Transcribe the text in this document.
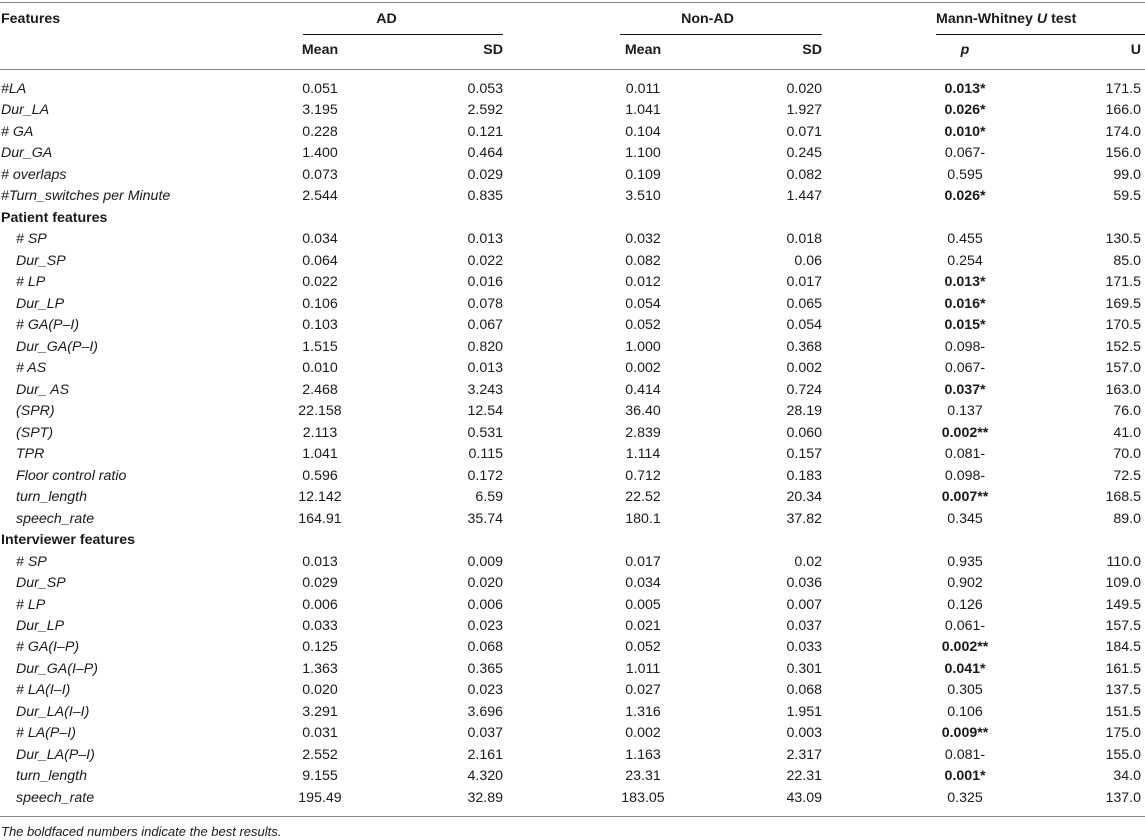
Features	AD	Non-AD	Mann-Whitney U test
Mean	SD	Mean	SD	p	U
#LA	0.051	0.053	0.011	0.020	0.013*	171.5
Dur_LA	3.195	2.592	1.041	1.927	0.026*	166.0
# GA	0.228	0.121	0.104	0.071	0.010*	174.0
Dur_GA	1.400	0.464	1.100	0.245	0.067-	156.0
# overlaps	0.073	0.029	0.109	0.082	0.595	99.0
#Turn_switches per Minute	2.544	0.835	3.510	1.447	0.026*	59.5
Patient features
# SP	0.034	0.013	0.032	0.018	0.455	130.5
Dur_SP	0.064	0.022	0.082	0.06	0.254	85.0
# LP	0.022	0.016	0.012	0.017	0.013*	171.5
Dur_LP	0.106	0.078	0.054	0.065	0.016*	169.5
# GA(P–I)	0.103	0.067	0.052	0.054	0.015*	170.5
Dur_GA(P–I)	1.515	0.820	1.000	0.368	0.098-	152.5
# AS	0.010	0.013	0.002	0.002	0.067-	157.0
Dur_ AS	2.468	3.243	0.414	0.724	0.037*	163.0
(SPR)	22.158	12.54	36.40	28.19	0.137	76.0
(SPT)	2.113	0.531	2.839	0.060	0.002**	41.0
TPR	1.041	0.115	1.114	0.157	0.081-	70.0
Floor control ratio	0.596	0.172	0.712	0.183	0.098-	72.5
turn_length	12.142	6.59	22.52	20.34	0.007**	168.5
speech_rate	164.91	35.74	180.1	37.82	0.345	89.0
Interviewer features
# SP	0.013	0.009	0.017	0.02	0.935	110.0
Dur_SP	0.029	0.020	0.034	0.036	0.902	109.0
# LP	0.006	0.006	0.005	0.007	0.126	149.5
Dur_LP	0.033	0.023	0.021	0.037	0.061-	157.5
# GA(I–P)	0.125	0.068	0.052	0.033	0.002**	184.5
Dur_GA(I–P)	1.363	0.365	1.011	0.301	0.041*	161.5
# LA(I–I)	0.020	0.023	0.027	0.068	0.305	137.5
Dur_LA(I–I)	3.291	3.696	1.316	1.951	0.106	151.5
# LA(P–I)	0.031	0.037	0.002	0.003	0.009**	175.0
Dur_LA(P–I)	2.552	2.161	1.163	2.317	0.081-	155.0
turn_length	9.155	4.320	23.31	22.31	0.001*	34.0
speech_rate	195.49	32.89	183.05	43.09	0.325	137.0
The boldfaced numbers indicate the best results.
